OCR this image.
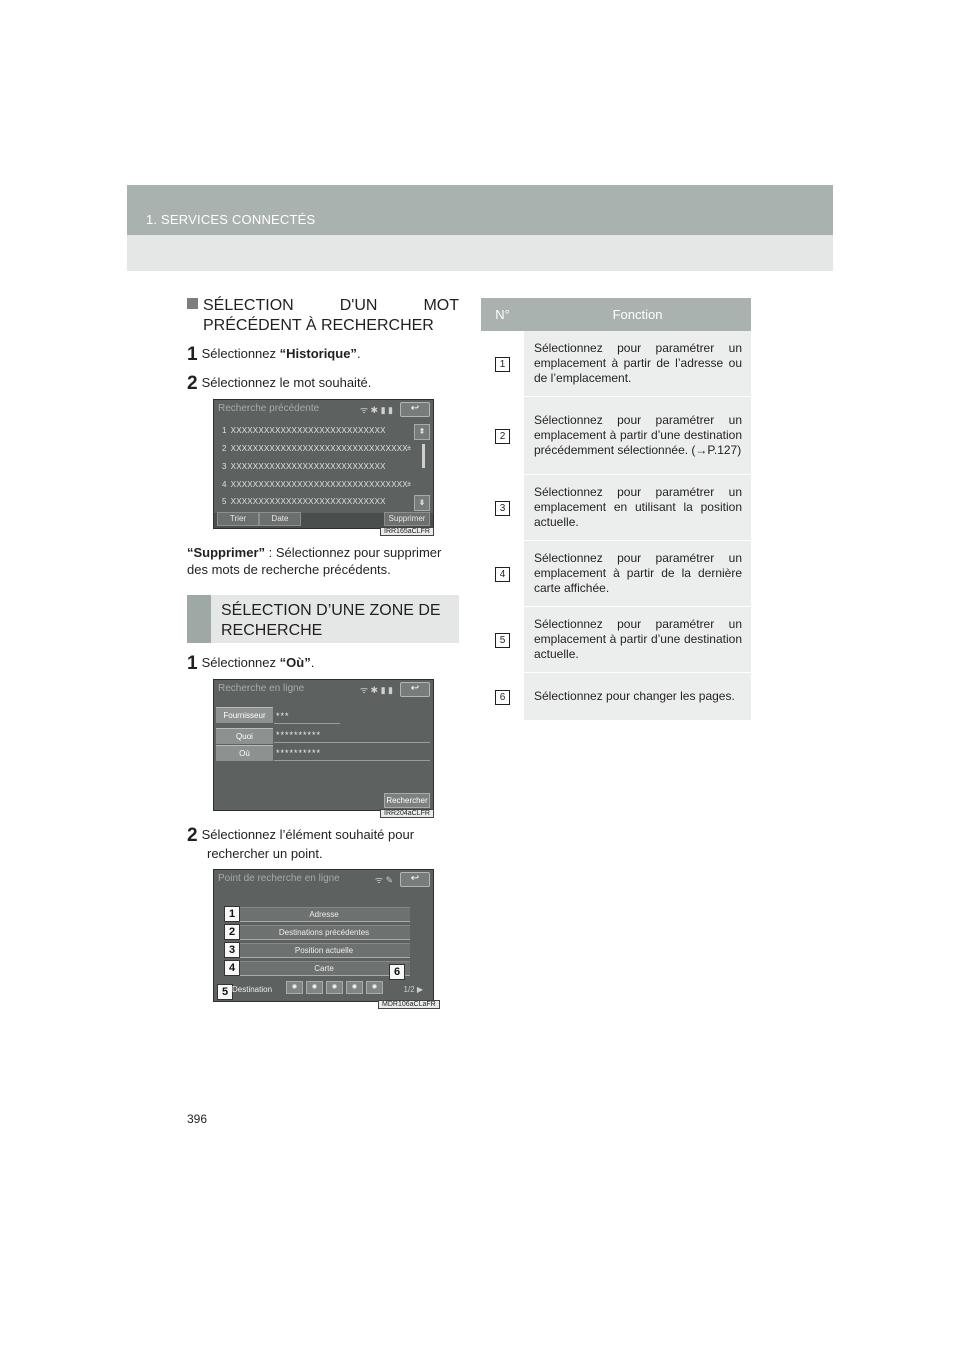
1. SERVICES CONNECTÉS
SÉLECTION	D'UN	MOT
PRÉCÉDENT À RECHERCHER
1 Sélectionnez “Historique”.
2 Sélectionnez le mot souhaité.
Recherche précédente	ᯤ ✱ ▮ ▮	↩
1 XXXXXXXXXXXXXXXXXXXXXXXXXXXX
2 XXXXXXXXXXXXXXXXXXXXXXXXXXXXXXXX
3 XXXXXXXXXXXXXXXXXXXXXXXXXXXX
4 XXXXXXXXXXXXXXXXXXXXXXXXXXXXXXXX
5 XXXXXXXXXXXXXXXXXXXXXXXXXXXX
±
±
⇞
⇟
Trier	Date	Supprimer
IRR165aCLFR
“Supprimer” : Sélectionnez pour supprimer des mots de recherche précédents.
SÉLECTION D’UNE ZONE DE
RECHERCHE
1 Sélectionnez “Où”.
Recherche en ligne	ᯤ ✱ ▮ ▮	↩
Fournisseur	***
Quoi	**********
Où	**********
Rechercher
IRR204aCLFR
2 Sélectionnez l’élément souhaité pour
rechercher un point.
Point de recherche en ligne	ᯤ ✎	↩
Adresse
Destinations précédentes
Position actuelle
Carte
1
2
3
4
5
6
Destination	◉	◉	◉	◉	◉	1/2 ▶
MDR106aCLaFR
N°	Fonction
1	Sélectionnez pour paramétrer un emplacement à partir de l’adresse ou de l’emplacement.
2	Sélectionnez pour paramétrer un emplacement à partir d’une destination précédemment sélectionnée. (→P.127)
3	Sélectionnez pour paramétrer un emplacement en utilisant la position actuelle.
4	Sélectionnez pour paramétrer un emplacement à partir de la dernière carte affichée.
5	Sélectionnez pour paramétrer un emplacement à partir d’une destination actuelle.
6	Sélectionnez pour changer les pages.
396
